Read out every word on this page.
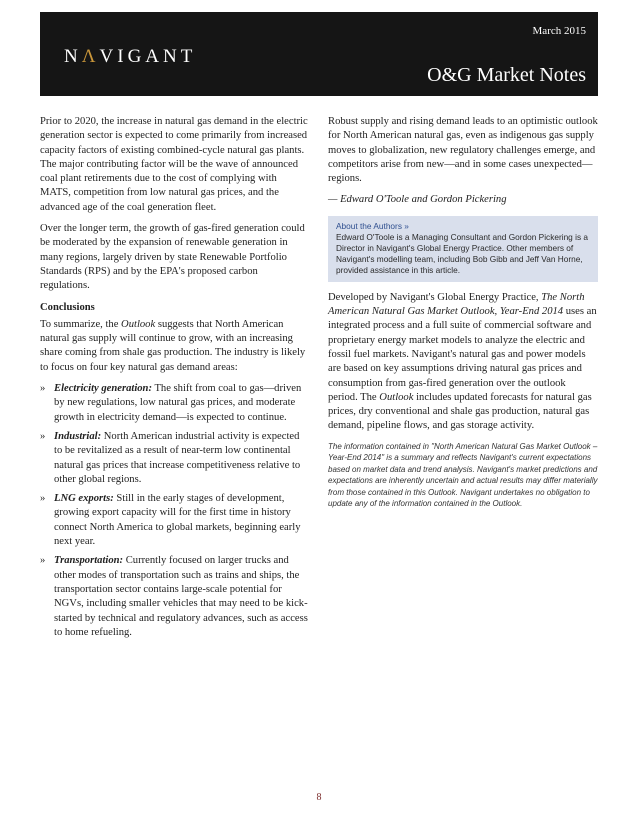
NΛVIGANT
March 2015
O&G Market Notes

Prior to 2020, the increase in natural gas demand in the electric generation sector is expected to come primarily from increased capacity factors of existing combined-cycle natural gas plants. The major contributing factor will be the wave of announced coal plant retirements due to the cost of complying with MATS, competition from low natural gas prices, and the advanced age of the coal generation fleet.

Over the longer term, the growth of gas-fired generation could be moderated by the expansion of renewable generation in many regions, largely driven by state Renewable Portfolio Standards (RPS) and by the EPA's proposed carbon regulations.

Conclusions

To summarize, the Outlook suggests that North American natural gas supply will continue to grow, with an increasing share coming from shale gas production. The industry is likely to focus on four key natural gas demand areas:

» Electricity generation: The shift from coal to gas—driven by new regulations, low natural gas prices, and moderate growth in electricity demand—is expected to continue.
» Industrial: North American industrial activity is expected to be revitalized as a result of near-term low continental natural gas prices that increase competitiveness relative to other global regions.
» LNG exports: Still in the early stages of development, growing export capacity will for the first time in history connect North America to global markets, beginning early next year.
» Transportation: Currently focused on larger trucks and other modes of transportation such as trains and ships, the transportation sector contains large-scale potential for NGVs, including smaller vehicles that may need to be kick-started by technical and regulatory advances, such as access to home refueling.

Robust supply and rising demand leads to an optimistic outlook for North American natural gas, even as indigenous gas supply moves to globalization, new regulatory challenges emerge, and competitors arise from new—and in some cases unexpected—regions.

— Edward O'Toole and Gordon Pickering

About the Authors »
Edward O'Toole is a Managing Consultant and Gordon Pickering is a Director in Navigant's Global Energy Practice. Other members of Navigant's modelling team, including Bob Gibb and Jeff Van Horne, provided assistance in this article.

Developed by Navigant's Global Energy Practice, The North American Natural Gas Market Outlook, Year-End 2014 uses an integrated process and a full suite of commercial software and proprietary energy market models to analyze the electric and fossil fuel markets. Navigant's natural gas and power models are based on key assumptions driving natural gas prices and consumption from gas-fired generation over the outlook period. The Outlook includes updated forecasts for natural gas prices, dry conventional and shale gas production, natural gas demand, pipeline flows, and gas storage activity.

The information contained in "North American Natural Gas Market Outlook – Year-End 2014" is a summary and reflects Navigant's current expectations based on market data and trend analysis. Navigant's market predictions and expectations are inherently uncertain and actual results may differ materially from those contained in this Outlook. Navigant undertakes no obligation to update any of the information contained in the Outlook.

8
